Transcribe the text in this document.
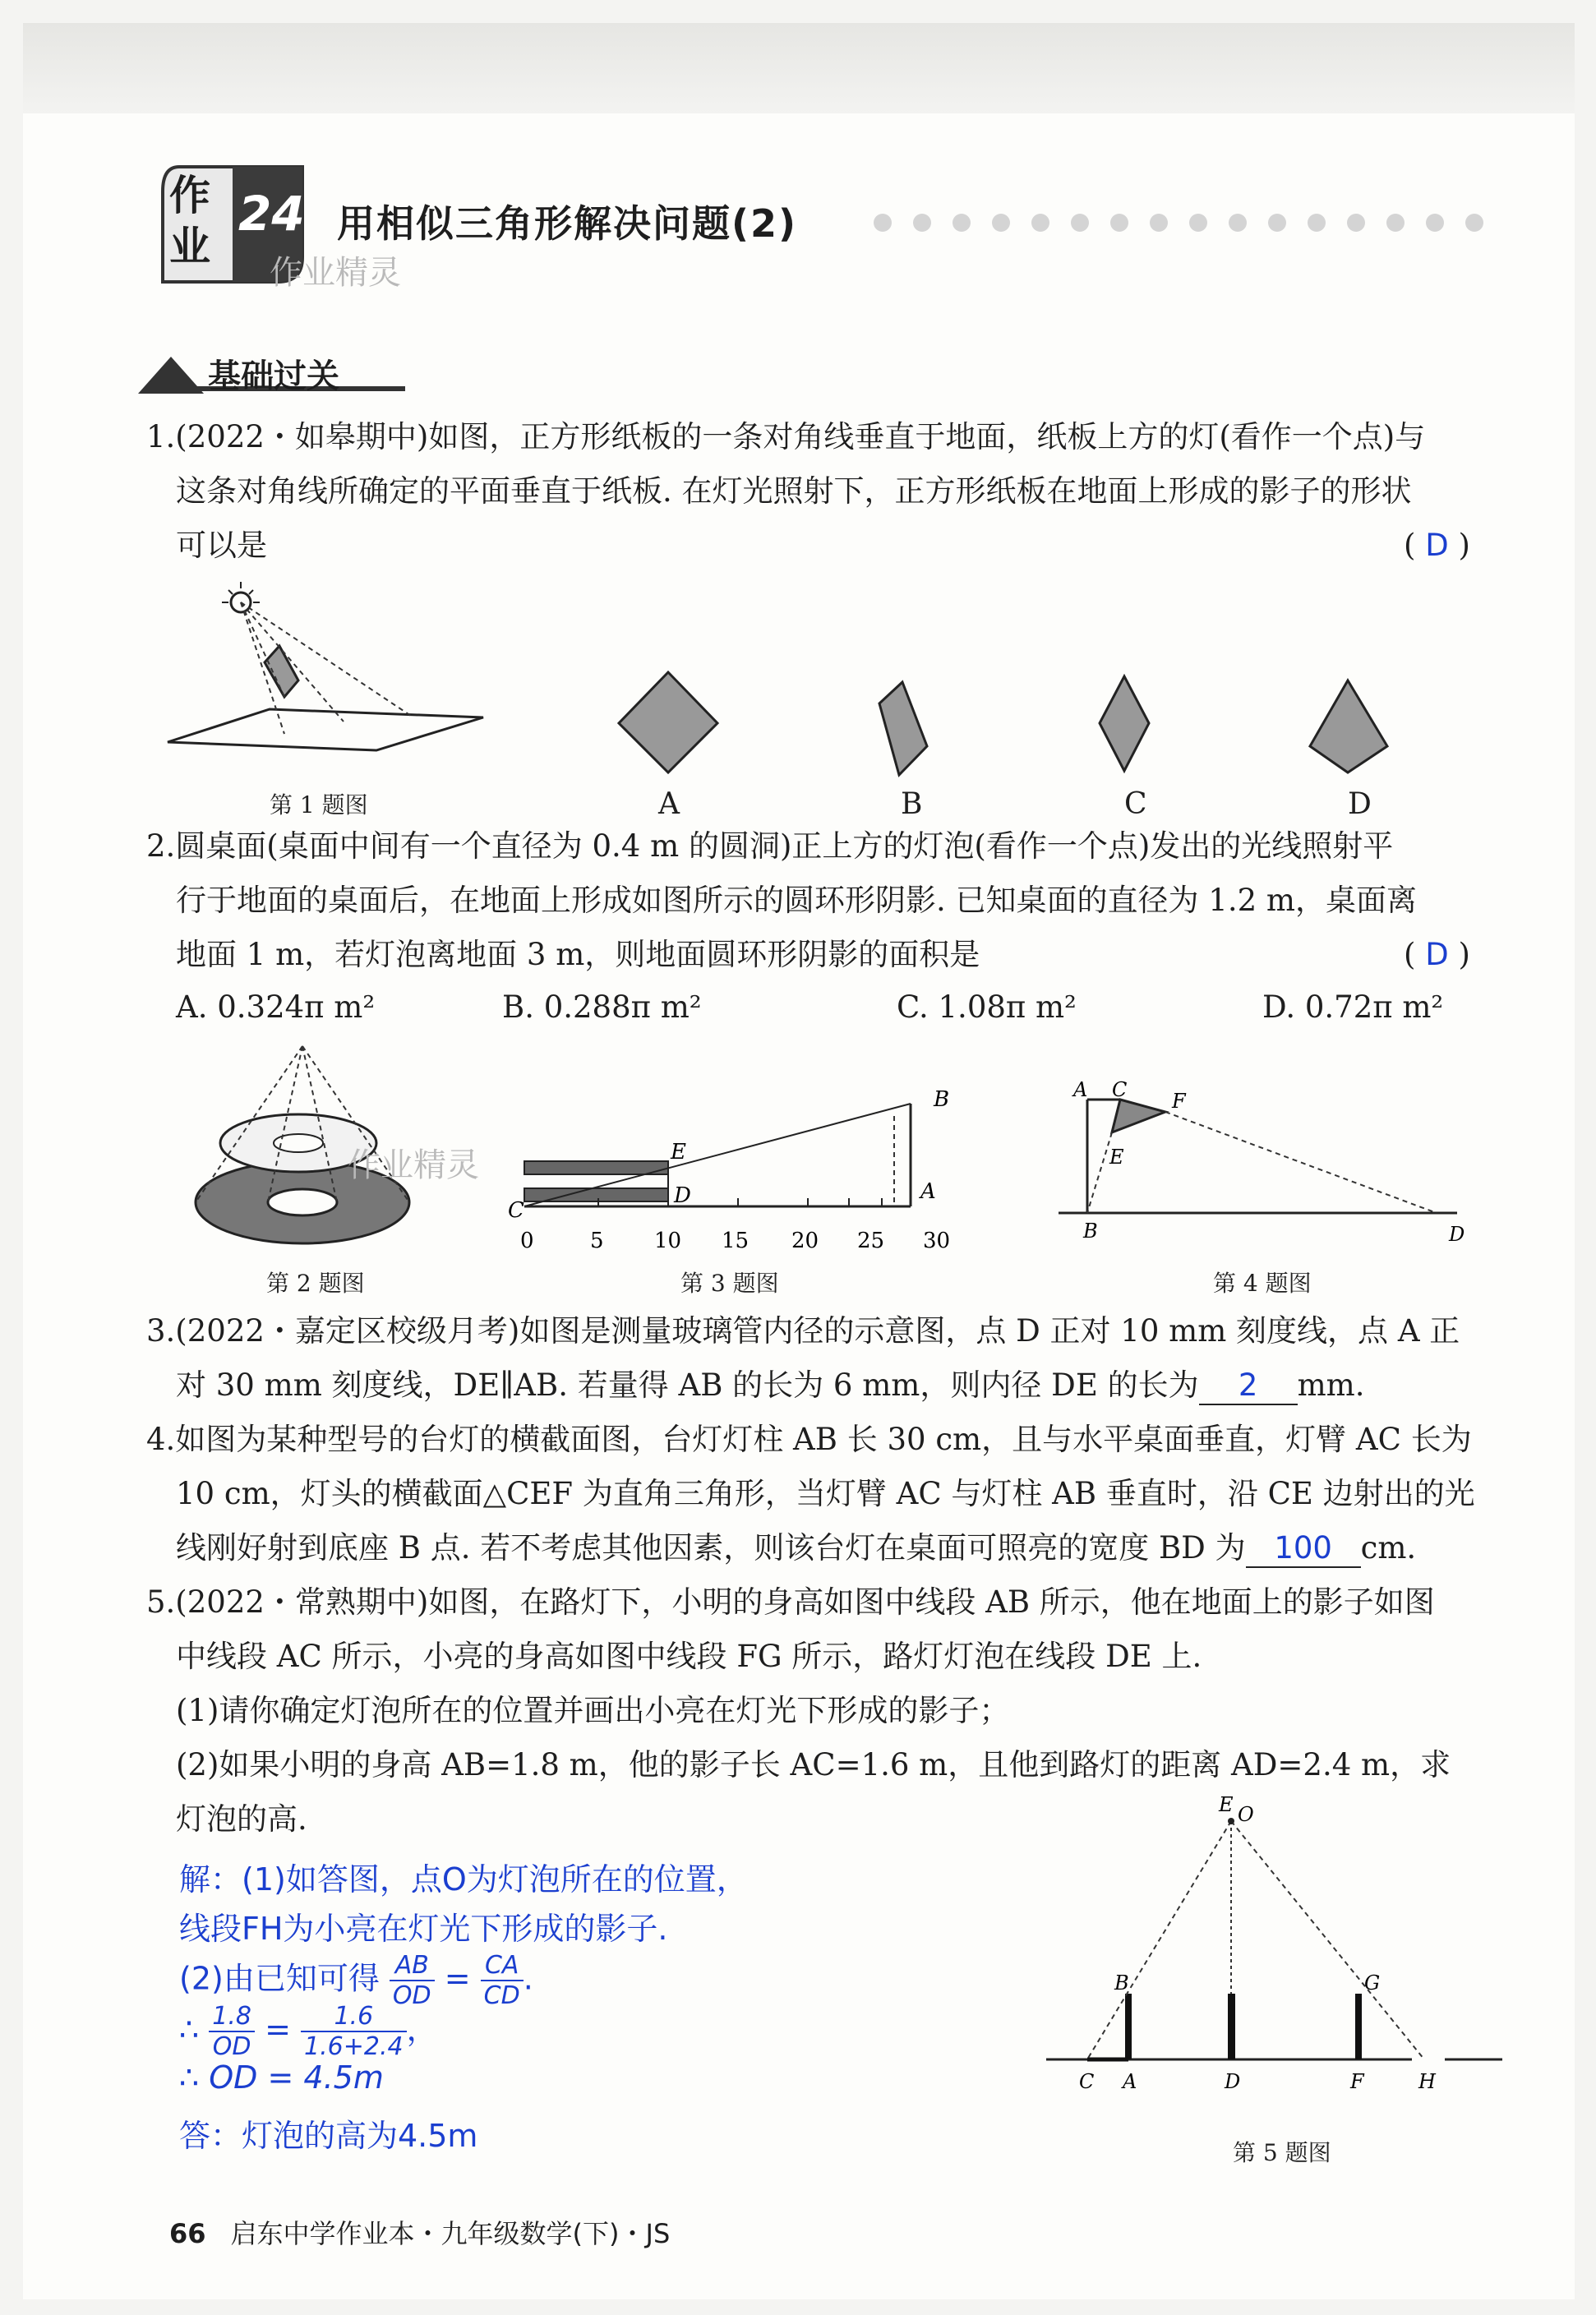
作
业
24
作业精灵
用相似三角形解决问题(2)
基础过关
1.(2022・如皋期中)如图，正方形纸板的一条对角线垂直于地面，纸板上方的灯(看作一个点)与
这条对角线所确定的平面垂直于纸板. 在灯光照射下，正方形纸板在地面上形成的影子的形状
可以是	( D )
第 1 题图	A	B	C	D
2.圆桌面(桌面中间有一个直径为 0.4 m 的圆洞)正上方的灯泡(看作一个点)发出的光线照射平
行于地面的桌面后，在地面上形成如图所示的圆环形阴影. 已知桌面的直径为 1.2 m，桌面离
地面 1 m，若灯泡离地面 3 m，则地面圆环形阴影的面积是	( D )
A. 0.324π m²	B. 0.288π m²	C. 1.08π m²	D. 0.72π m²
第 2 题图
作业精灵
B
E
D
C
A
0	5 10 15 20 25 30
第 3 题图
A C F
E
B	D
第 4 题图
3.(2022・嘉定区校级月考)如图是测量玻璃管内径的示意图，点 D 正对 10 mm 刻度线，点 A 正
对 30 mm 刻度线，DE∥AB. 若量得 AB 的长为 6 mm，则内径 DE 的长为 2 mm.
4.如图为某种型号的台灯的横截面图，台灯灯柱 AB 长 30 cm，且与水平桌面垂直，灯臂 AC 长为
10 cm，灯头的横截面△CEF 为直角三角形，当灯臂 AC 与灯柱 AB 垂直时，沿 CE 边射出的光
线刚好射到底座 B 点. 若不考虑其他因素，则该台灯在桌面可照亮的宽度 BD 为 100 cm.
5.(2022・常熟期中)如图，在路灯下，小明的身高如图中线段 AB 所示，他在地面上的影子如图
中线段 AC 所示，小亮的身高如图中线段 FG 所示，路灯灯泡在线段 DE 上.
(1)请你确定灯泡所在的位置并画出小亮在灯光下形成的影子；
(2)如果小明的身高 AB=1.8 m，他的影子长 AC=1.6 m，且他到路灯的距离 AD=2.4 m，求
灯泡的高.
解：(1)如答图，点O为灯泡所在的位置，
线段FH为小亮在灯光下形成的影子.
(2)由已知可得 $\frac{AB}{OD} = \frac{CA}{CD}$ .
∴ $\frac{1.8}{OD} = \frac{1.6}{1.6+2.4}$ ，
∴ OD = 4.5m
答：灯泡的高为4.5m
E O
B	G
C A	D	F	H
第 5 题图
66 启东中学作业本・九年级数学(下)・JS
